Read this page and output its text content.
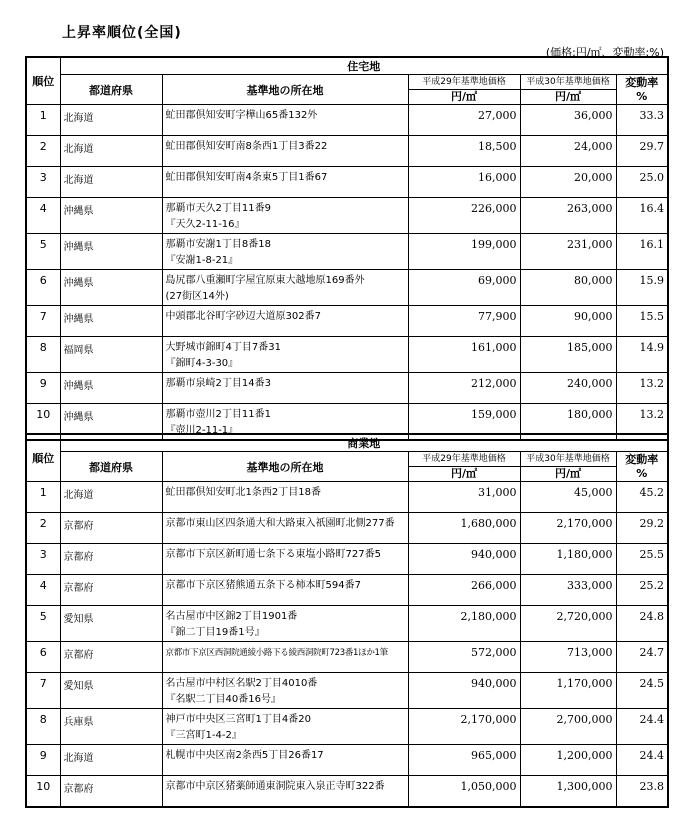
上昇率順位(全国)
(価格:円/㎡、変動率:%)
順位	住宅地				
	都道府県	基準地の所在地	平成29年基準地価格
円/㎡	平成30年基準地価格
円/㎡	変動率
%

1	北海道	虻田郡倶知安町字樺山65番132外	27,000	36,000	33.3
2	北海道	虻田郡倶知安町南8条西1丁目3番22	18,500	24,000	29.7
3	北海道	虻田郡倶知安町南4条東5丁目1番67	16,000	20,000	25.0
4	沖縄県	那覇市天久2丁目11番9
『天久2-11-16』	226,000	263,000	16.4
5	沖縄県	那覇市安謝1丁目8番18
『安謝1-8-21』	199,000	231,000	16.1
6	沖縄県	島尻郡八重瀬町字屋宜原東大越地原169番外
(27街区14外)	69,000	80,000	15.9
7	沖縄県	中頭郡北谷町字砂辺大道原302番7	77,900	90,000	15.5
8	福岡県	大野城市錦町4丁目7番31
『錦町4-3-30』	161,000	185,000	14.9
9	沖縄県	那覇市泉崎2丁目14番3	212,000	240,000	13.2
10	沖縄県	那覇市壺川2丁目11番1
『壺川2-11-1』	159,000	180,000	13.2
順位	商業地				
	都道府県	基準地の所在地	平成29年基準地価格
円/㎡	平成30年基準地価格
円/㎡	変動率
%

1	北海道	虻田郡倶知安町北1条西2丁目18番	31,000	45,000	45.2
2	京都府	京都市東山区四条通大和大路東入祇園町北側277番	1,680,000	2,170,000	29.2
3	京都府	京都市下京区新町通七条下る東塩小路町727番5	940,000	1,180,000	25.5
4	京都府	京都市下京区猪熊通五条下る柿本町594番7	266,000	333,000	25.2
5	愛知県	名古屋市中区錦2丁目1901番
『錦二丁目19番1号』	2,180,000	2,720,000	24.8
6	京都府	京都市下京区西洞院通綾小路下る綾西洞院町723番1ほか1筆	572,000	713,000	24.7
7	愛知県	名古屋市中村区名駅2丁目4010番
『名駅二丁目40番16号』	940,000	1,170,000	24.5
8	兵庫県	神戸市中央区三宮町1丁目4番20
『三宮町1-4-2』	2,170,000	2,700,000	24.4
9	北海道	札幌市中央区南2条西5丁目26番17	965,000	1,200,000	24.4
10	京都府	京都市中京区猪薬師通東洞院東入泉正寺町322番	1,050,000	1,300,000	23.8
